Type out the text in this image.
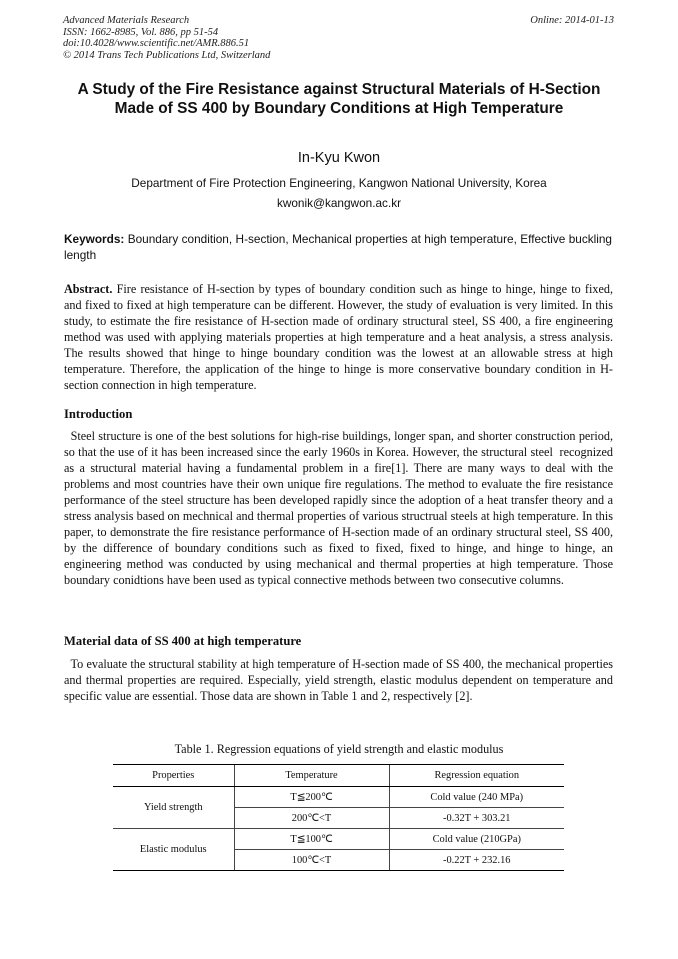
Advanced Materials Research
ISSN: 1662-8985, Vol. 886, pp 51-54
doi:10.4028/www.scientific.net/AMR.886.51
© 2014 Trans Tech Publications Ltd, Switzerland
Online: 2014-01-13
A Study of the Fire Resistance against Structural Materials of H-Section
Made of SS 400 by Boundary Conditions at High Temperature
In-Kyu Kwon
Department of Fire Protection Engineering, Kangwon National University, Korea
kwonik@kangwon.ac.kr
Keywords: Boundary condition, H-section, Mechanical properties at high temperature, Effective buckling length

Abstract. Fire resistance of H-section by types of boundary condition such as hinge to hinge, hinge to fixed, and fixed to fixed at high temperature can be different. However, the study of evaluation is very limited. In this study, to estimate the fire resistance of H-section made of ordinary structural steel, SS 400, a fire engineering method was used with applying materials properties at high temperature and a heat analysis, a stress analysis. The results showed that hinge to hinge boundary condition was the lowest at an allowable stress at high temperature. Therefore, the application of the hinge to hinge is more conservative boundary condition in H-section connection in high temperature.

Introduction

Steel structure is one of the best solutions for high-rise buildings, longer span, and shorter construction period, so that the use of it has been increased since the early 1960s in Korea. However, the structural steel  recognized as a structural material having a fundamental problem in a fire[1]. There are many ways to deal with the problems and most countries have their own unique fire regulations. The method to evaluate the fire resistance performance of the steel structure has been developed rapidly since the adoption of a heat transfer theory and a stress analysis based on mechnical and thermal properties of various structrual steels at high temperature. In this paper, to demonstrate the fire resistance performance of H-section made of an ordinary structural steel, SS 400, by the difference of boundary conditions such as fixed to fixed, fixed to hinge, and hinge to hinge, an engineering method was conducted by using mechanical and thermal properties at high temperature. Those boundary conidtions have been used as typical connective methods between two consecutive columns.

Material data of SS 400 at high temperature

To evaluate the structural stability at high temperature of H-section made of SS 400, the mechanical properties and thermal properties are required. Especially, yield strength, elastic modulus dependent on temperature and specific value are essential. Those data are shown in Table 1 and 2, respectively [2].

Table 1. Regression equations of yield strength and elastic modulus
Properties	Temperature	Regression equation
Yield strength	T≦200℃	Cold value (240 MPa)
	200℃<T	-0.32T + 303.21
Elastic modulus	T≦100℃	Cold value (210GPa)
	100℃<T	-0.22T + 232.16
